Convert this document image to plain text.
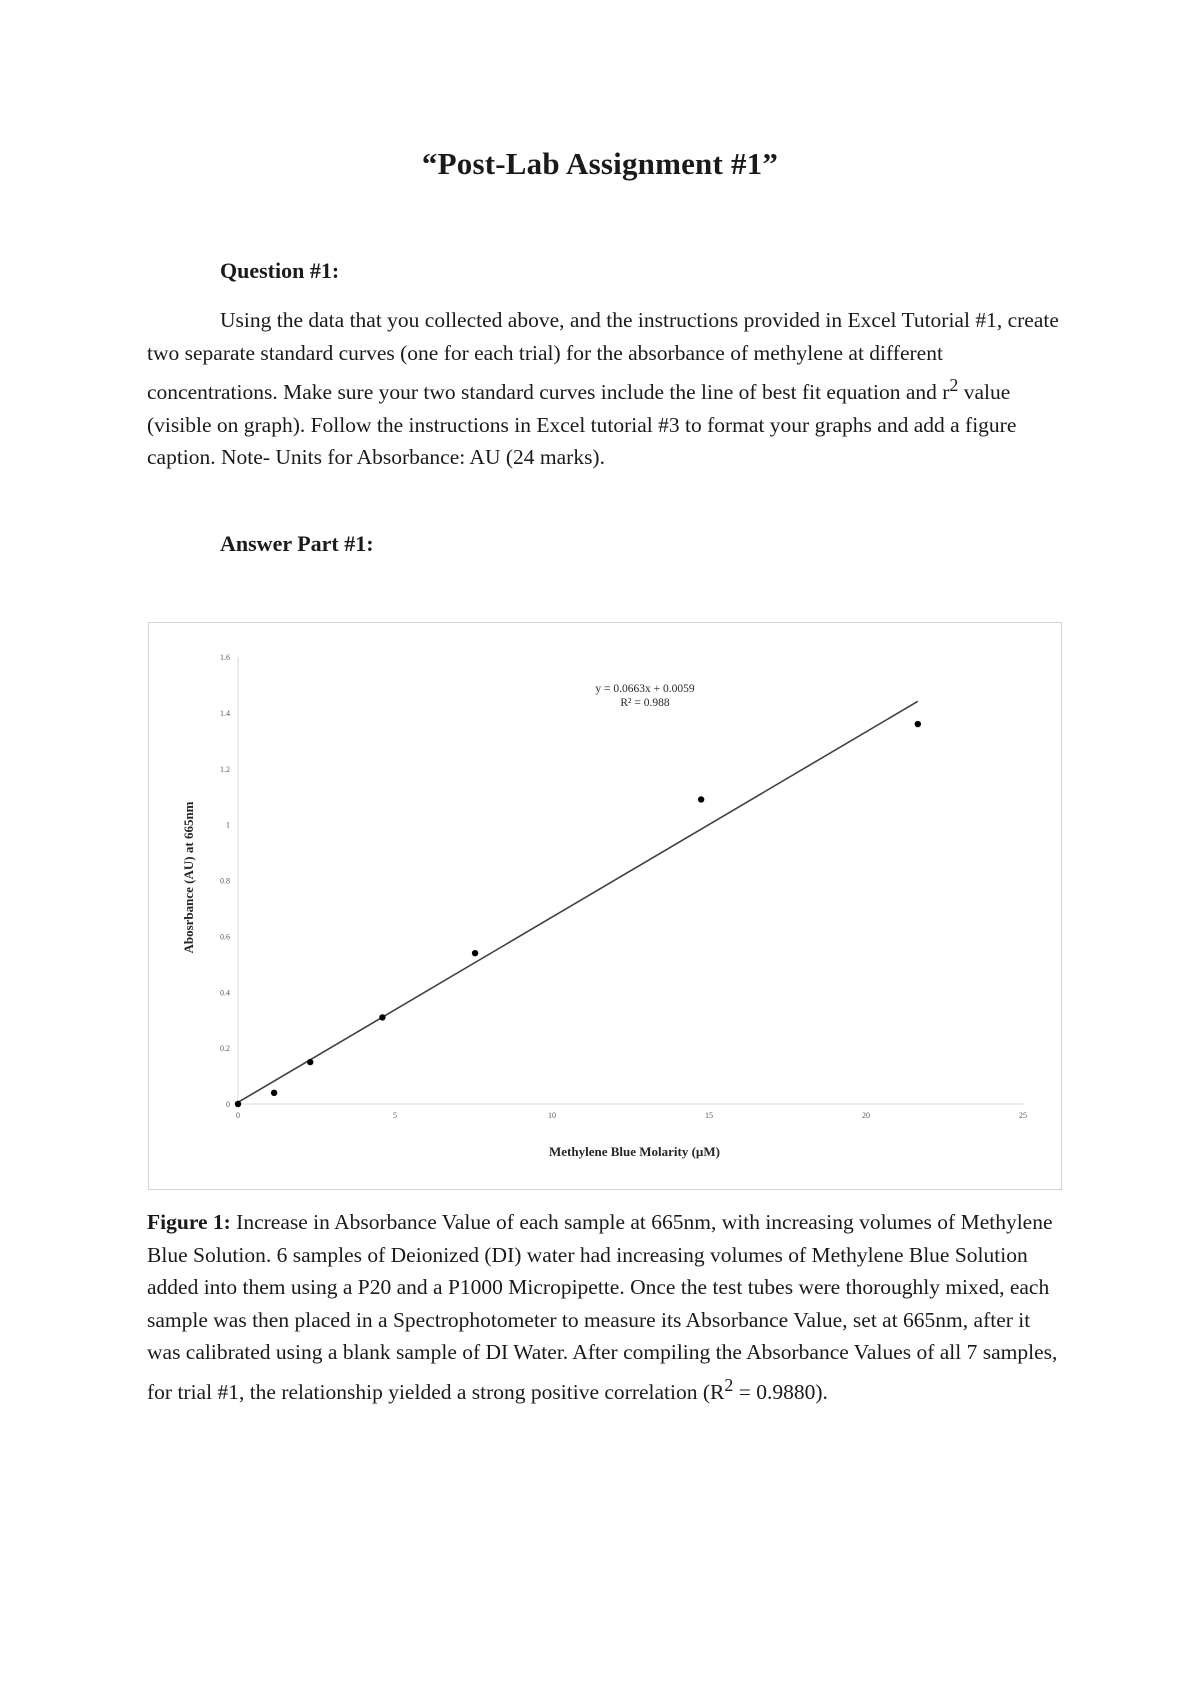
“Post-Lab Assignment #1”
Question #1:
Using the data that you collected above, and the instructions provided in Excel Tutorial #1, create two separate standard curves (one for each trial) for the absorbance of methylene at different concentrations. Make sure your two standard curves include the line of best fit equation and $r^2$ value (visible on graph). Follow the instructions in Excel tutorial #3 to format your graphs and add a figure caption. Note- Units for Absorbance: AU (24 marks).
Answer Part #1:
0
0.2
0.4
0.6
0.8
1
1.2
1.4
1.6
0	5	10	15	20	25
Methylene Blue Molarity (µM)
Abosrbance (AU) at 665nm
y = 0.0663x + 0.0059
R² = 0.988
Figure 1: Increase in Absorbance Value of each sample at 665nm, with increasing volumes of Methylene Blue Solution. 6 samples of Deionized (DI) water had increasing volumes of Methylene Blue Solution added into them using a P20 and a P1000 Micropipette. Once the test tubes were thoroughly mixed, each sample was then placed in a Spectrophotometer to measure its Absorbance Value, set at 665nm, after it was calibrated using a blank sample of DI Water. After compiling the Absorbance Values of all 7 samples, for trial #1, the relationship yielded a strong positive correlation $(R^2 = 0.9880)$.
